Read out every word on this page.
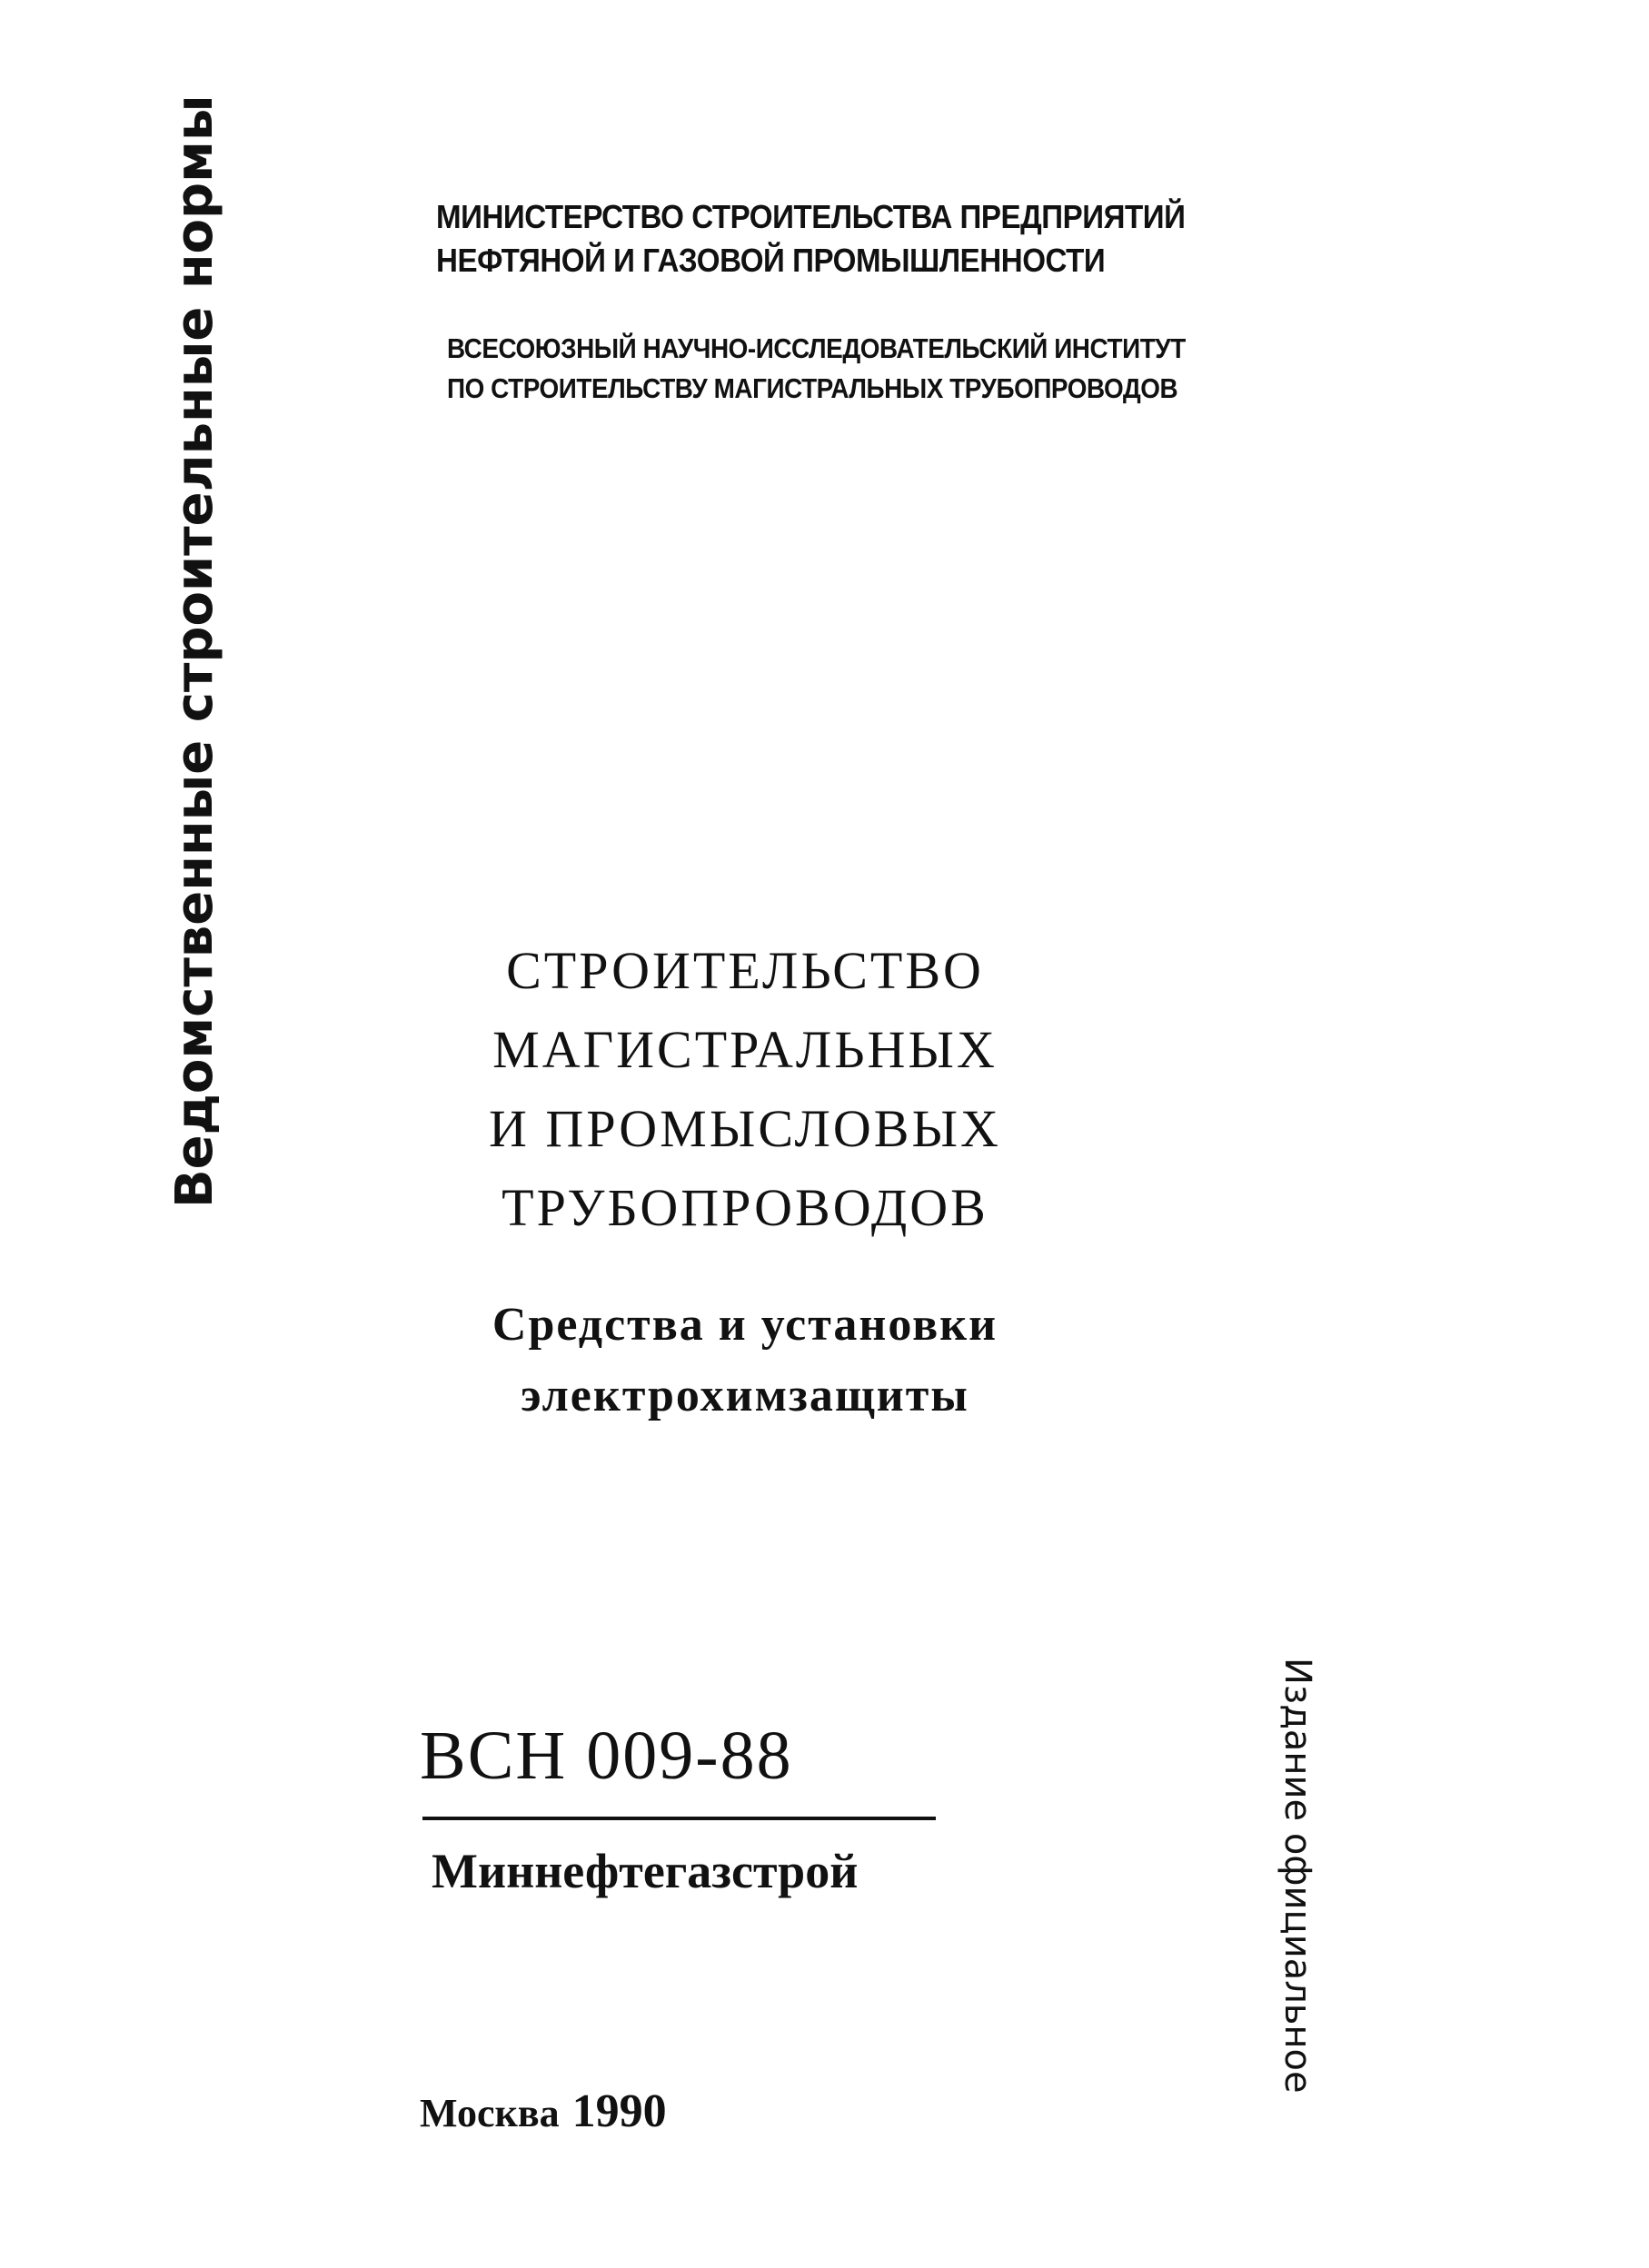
МИНИСТЕРСТВО СТРОИТЕЛЬСТВА ПРЕДПРИЯТИЙ
НЕФТЯНОЙ И ГАЗОВОЙ ПРОМЫШЛЕННОСТИ
ВСЕСОЮЗНЫЙ НАУЧНО-ИССЛЕДОВАТЕЛЬСКИЙ ИНСТИТУТ
ПО СТРОИТЕЛЬСТВУ МАГИСТРАЛЬНЫХ ТРУБОПРОВОДОВ
Ведомственные строительные нормы	СТРОИТЕЛЬСТВО
МАГИСТРАЛЬНЫХ
И ПРОМЫСЛОВЫХ
ТРУБОПРОВОДОВ
Средства и установки
электрохимзащиты
ВСН 009-88
Миннефтегазстрой	Издание официальное
Москва 1990
